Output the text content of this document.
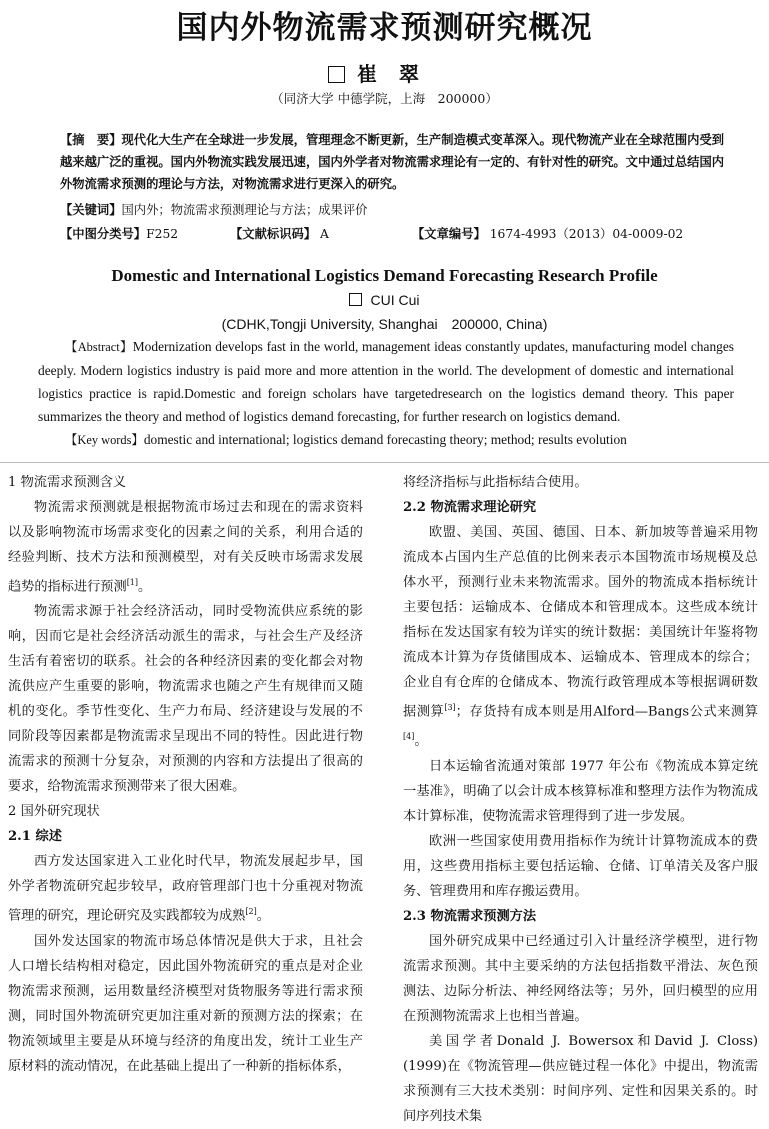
国内外物流需求预测研究概况
崔翠
（同济大学 中德学院，上海　200000）
【摘　要】现代化大生产在全球进一步发展，管理理念不断更新，生产制造模式变革深入。现代物流产业在全球范围内受到越来越广泛的重视。国内外物流实践发展迅速，国内外学者对物流需求理论有一定的、有针对性的研究。文中通过总结国内外物流需求预测的理论与方法，对物流需求进行更深入的研究。
【关键词】国内外；物流需求预测理论与方法；成果评价
【中图分类号】F252	【文献标识码】 A	【文章编号】 1674-4993（2013）04-0009-02
Domestic and International Logistics Demand Forecasting Research Profile
CUI Cui
(CDHK,Tongji University, Shanghai　200000, China)

【Abstract】Modernization develops fast in the world, management ideas constantly updates, manufacturing model changes deeply. Modern logistics industry is paid more and more attention in the world. The development of domestic and international logistics practice is rapid.Domestic and foreign scholars have targetedresearch on the logistics demand theory. This paper summarizes the theory and method of logistics demand forecasting, for further research on logistics demand.

【Key words】domestic and international; logistics demand forecasting theory; method; results evolution

1 物流需求预测含义

物流需求预测就是根据物流市场过去和现在的需求资料以及影响物流市场需求变化的因素之间的关系，利用合适的经验判断、技术方法和预测模型，对有关反映市场需求发展趋势的指标进行预测[1]。

物流需求源于社会经济活动，同时受物流供应系统的影响，因而它是社会经济活动派生的需求，与社会生产及经济生活有着密切的联系。社会的各种经济因素的变化都会对物流供应产生重要的影响，物流需求也随之产生有规律而又随机的变化。季节性变化、生产力布局、经济建设与发展的不同阶段等因素都是物流需求呈现出不同的特性。因此进行物流需求的预测十分复杂，对预测的内容和方法提出了很高的要求，给物流需求预测带来了很大困难。

2 国外研究现状
2.1 综述

西方发达国家进入工业化时代早，物流发展起步早，国外学者物流研究起步较早，政府管理部门也十分重视对物流管理的研究，理论研究及实践都较为成熟[2]。

国外发达国家的物流市场总体情况是供大于求，且社会人口增长结构相对稳定，因此国外物流研究的重点是对企业物流需求预测，运用数量经济模型对货物服务等进行需求预测，同时国外物流研究更加注重对新的预测方法的探索；在物流领域里主要是从环境与经济的角度出发，统计工业生产原材料的流动情况，在此基础上提出了一种新的指标体系，

将经济指标与此指标结合使用。

2.2 物流需求理论研究

欧盟、美国、英国、德国、日本、新加坡等普遍采用物流成本占国内生产总值的比例来表示本国物流市场规模及总体水平，预测行业未来物流需求。国外的物流成本指标统计主要包括：运输成本、仓储成本和管理成本。这些成本统计指标在发达国家有较为详实的统计数据：美国统计年鉴将物流成本计算为存货储围成本、运输成本、管理成本的综合；企业自有仓库的仓储成本、物流行政管理成本等根据调研数据测算[3]；存货持有成本则是用Alford—Bangs公式来测算[4]。

日本运输省流通对策部 1977 年公布《物流成本算定统一基准》，明确了以会计成本核算标准和整理方法作为物流成本计算标准，使物流需求管理得到了进一步发展。

欧洲一些国家使用费用指标作为统计计算物流成本的费用，这些费用指标主要包括运输、仓储、订单清关及客户服务、管理费用和库存搬运费用。

2.3 物流需求预测方法

国外研究成果中已经通过引入计量经济学模型，进行物流需求预测。其中主要采纳的方法包括指数平滑法、灰色预测法、边际分析法、神经网络法等；另外，回归模型的应用在预测物流需求上也相当普遍。

美国学者Donald J. Bowersox和David J. Closs) (1999)在《物流管理—供应链过程一体化》中提出，物流需求预测有三大技术类别：时间序列、定性和因果关系的。时间序列技术集
